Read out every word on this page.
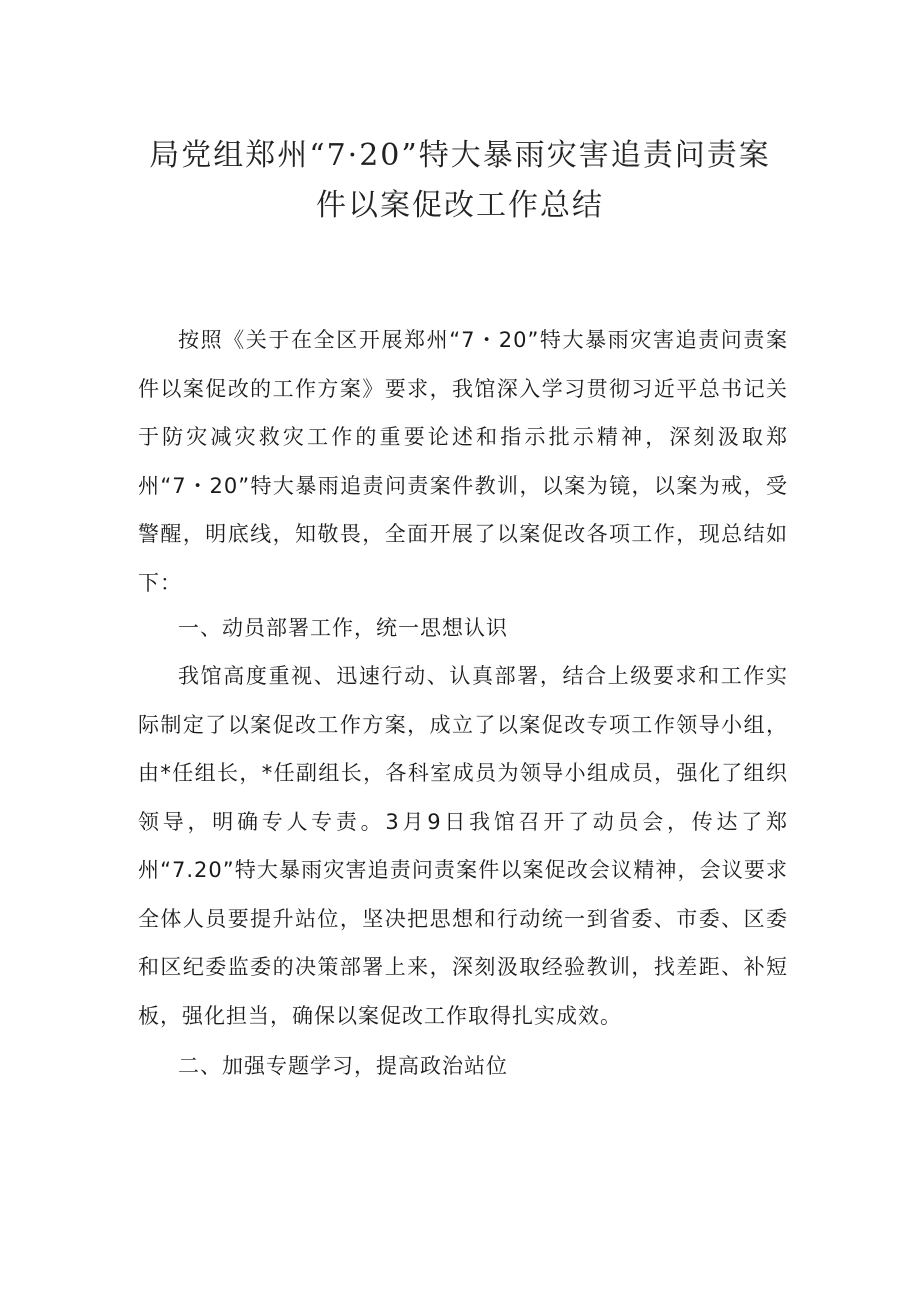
局党组郑州“7·20”特大暴雨灾害追责问责案
件以案促改工作总结

按照《关于在全区开展郑州“7・20”特大暴雨灾害追责问责案件以案促改的工作方案》要求，我馆深入学习贯彻习近平总书记关于防灾减灾救灾工作的重要论述和指示批示精神，深刻汲取郑州“7・20”特大暴雨追责问责案件教训，以案为镜，以案为戒，受警醒，明底线，知敬畏，全面开展了以案促改各项工作，现总结如下：

一、动员部署工作，统一思想认识

我馆高度重视、迅速行动、认真部署，结合上级要求和工作实际制定了以案促改工作方案，成立了以案促改专项工作领导小组，由*任组长，*任副组长，各科室成员为领导小组成员，强化了组织领导，明确专人专责。3月9日我馆召开了动员会，传达了郑州“7.20”特大暴雨灾害追责问责案件以案促改会议精神，会议要求全体人员要提升站位，坚决把思想和行动统一到省委、市委、区委和区纪委监委的决策部署上来，深刻汲取经验教训，找差距、补短板，强化担当，确保以案促改工作取得扎实成效。

二、加强专题学习，提高政治站位
